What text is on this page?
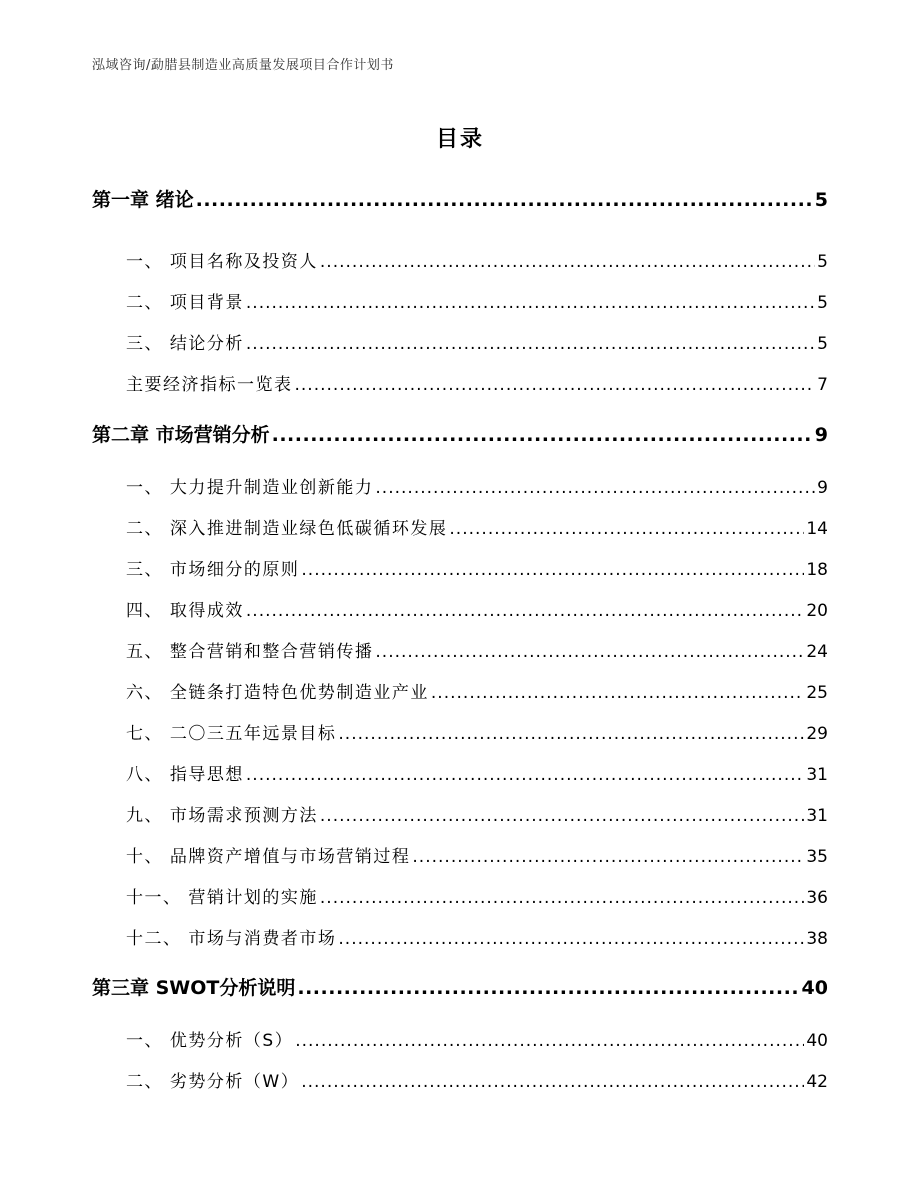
泓域咨询/勐腊县制造业高质量发展项目合作计划书
目录
第一章 绪论 .....	5
一、 项目名称及投资人 .....	5
二、 项目背景 .....	5
三、 结论分析 .....	5
主要经济指标一览表 .....	7
第二章 市场营销分析 .....	9
一、 大力提升制造业创新能力 .....	9
二、 深入推进制造业绿色低碳循环发展 .....	14
三、 市场细分的原则 .....	18
四、 取得成效 .....	20
五、 整合营销和整合营销传播 .....	24
六、 全链条打造特色优势制造业产业 .....	25
七、 二〇三五年远景目标 .....	29
八、 指导思想 .....	31
九、 市场需求预测方法 .....	31
十、 品牌资产增值与市场营销过程 .....	35
十一、 营销计划的实施 .....	36
十二、 市场与消费者市场 .....	38
第三章 SWOT分析说明 .....	40
一、 优势分析（S） .....	40
二、 劣势分析（W） .....	42
